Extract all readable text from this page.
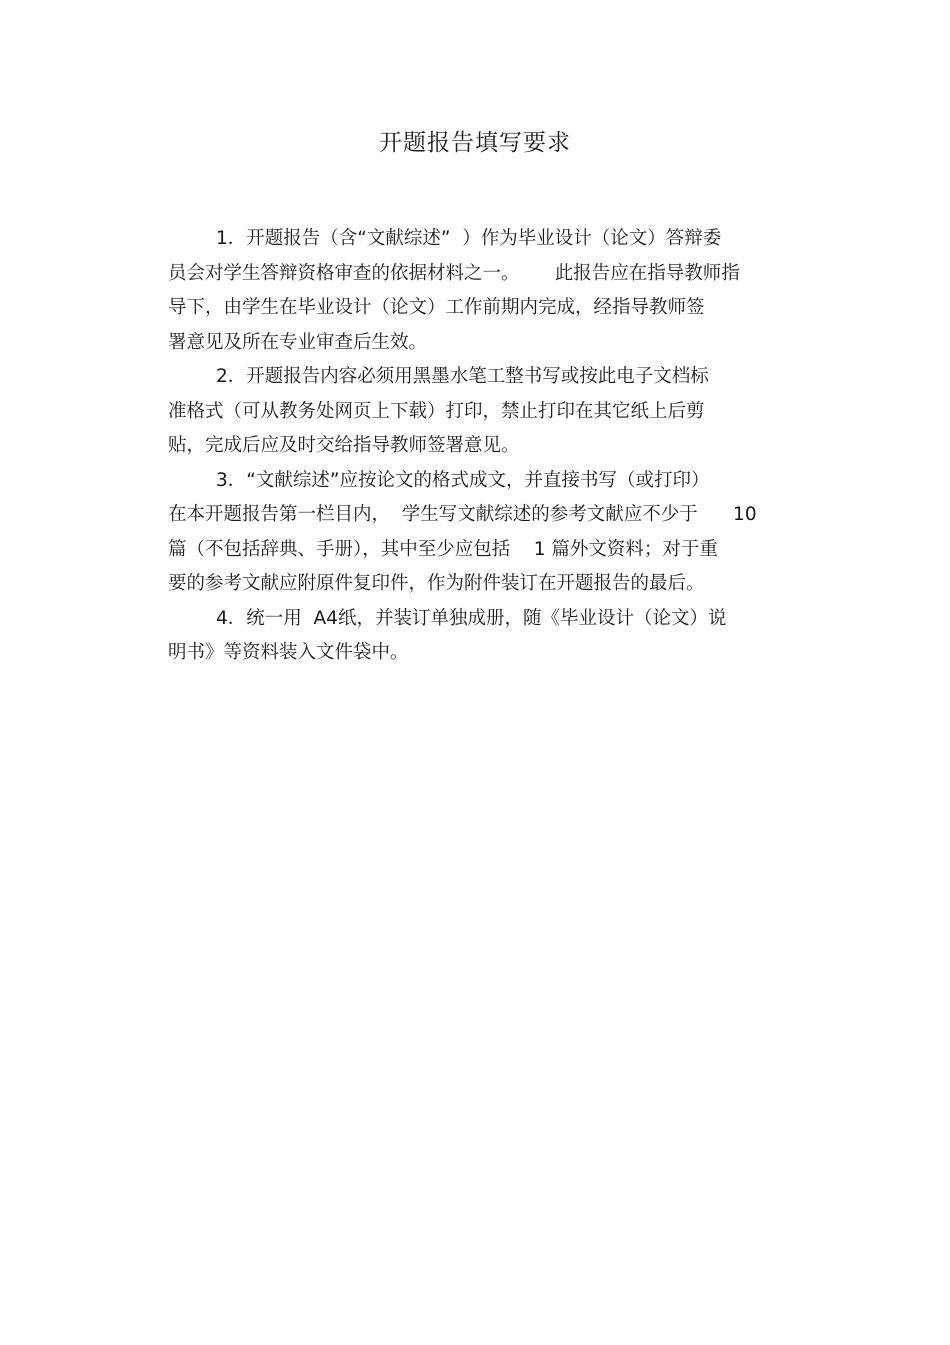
开题报告填写要求
1．开题报告（含“文献综述”  ）作为毕业设计（论文）答辩委
员会对学生答辩资格审查的依据材料之一。      此报告应在指导教师指
导下，由学生在毕业设计（论文）工作前期内完成，经指导教师签
署意见及所在专业审查后生效。
2．开题报告内容必须用黑墨水笔工整书写或按此电子文档标
准格式（可从教务处网页上下载）打印，禁止打印在其它纸上后剪
贴，完成后应及时交给指导教师签署意见。
3．“文献综述”应按论文的格式成文，并直接书写（或打印）
在本开题报告第一栏目内，  学生写文献综述的参考文献应不少于      10
篇（不包括辞典、手册），其中至少应包括    1 篇外文资料；对于重
要的参考文献应附原件复印件，作为附件装订在开题报告的最后。
4．统一用  A4纸，并装订单独成册，随《毕业设计（论文）说
明书》等资料装入文件袋中。
